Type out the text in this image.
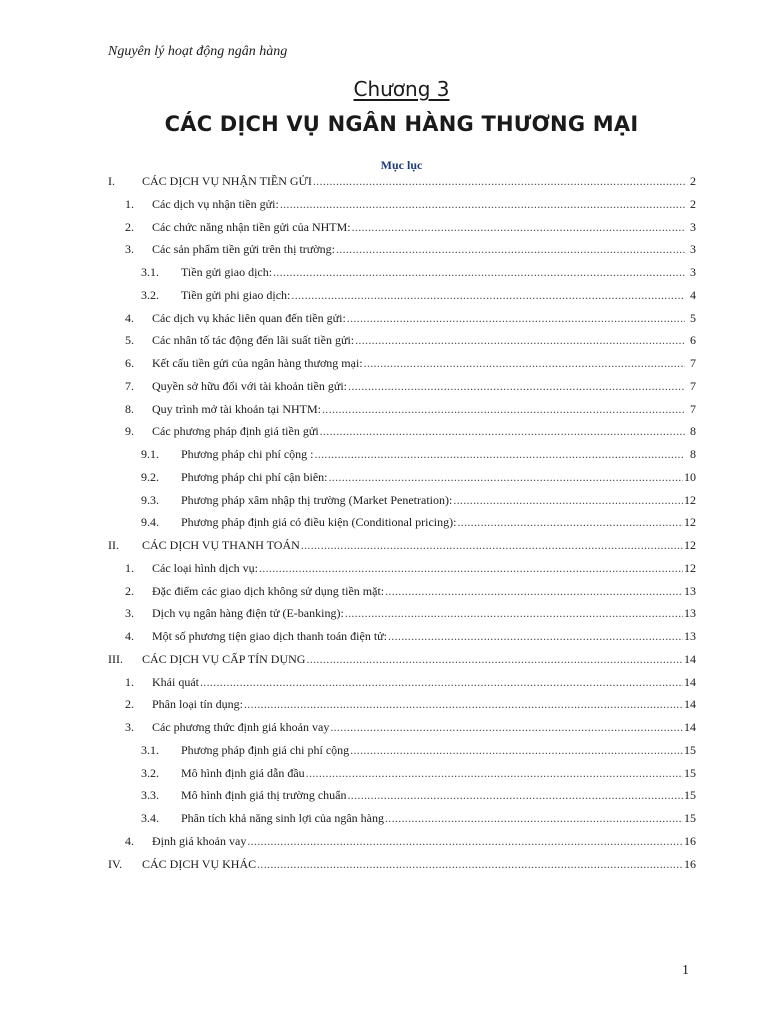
Nguyên lý hoạt động ngân hàng
Chương 3
CÁC DỊCH VỤ NGÂN HÀNG THƯƠNG MẠI
Mục lục
I.	CÁC DỊCH VỤ NHẬN TIỀN GỬI .....	2
1.	Các dịch vụ nhận tiền gửi: .....	2
2.	Các chức năng nhận tiền gửi của NHTM: .....	3
3.	Các sản phẩm tiền gửi trên thị trường: .....	3
3.1.	Tiền gửi giao dịch: .....	3
3.2.	Tiền gửi phi giao dịch: .....	4
4.	Các dịch vụ khác liên quan đến tiền gửi: .....	5
5.	Các nhân tố tác động đến lãi suất tiền gửi: .....	6
6.	Kết cấu tiền gửi của ngân hàng thương mại: .....	7
7.	Quyền sở hữu đối với tài khoản tiền gửi: .....	7
8.	Quy trình mở tài khoản tại NHTM: .....	7
9.	Các phương pháp định giá tiền gửi .....	8
9.1.	Phương pháp chi phí cộng : .....	8
9.2.	Phương pháp chi phí cận biên: .....	10
9.3.	Phương pháp xâm nhập thị trường (Market Penetration): .....	12
9.4.	Phương pháp định giá có điều kiện (Conditional pricing): .....	12
II.	CÁC DỊCH VỤ THANH TOÁN .....	12
1.	Các loại hình dịch vụ: .....	12
2.	Đặc điểm các giao dịch không sử dụng tiền mặt: .....	13
3.	Dịch vụ ngân hàng điện tử (E-banking): .....	13
4.	Một số phương tiện giao dịch thanh toán điện tử: .....	13
III.	CÁC DỊCH VỤ CẤP TÍN DỤNG .....	14
1.	Khái quát .....	14
2.	Phân loại tín dụng: .....	14
3.	Các phương thức định giá khoản vay .....	14
3.1.	Phương pháp định giá chi phí cộng .....	15
3.2.	Mô hình định giá dẫn đầu .....	15
3.3.	Mô hình định giá thị trường chuẩn .....	15
3.4.	Phân tích khả năng sinh lợi của ngân hàng .....	15
4.	Định giá khoản vay .....	16
IV.	CÁC DỊCH VỤ KHÁC .....	16
1
